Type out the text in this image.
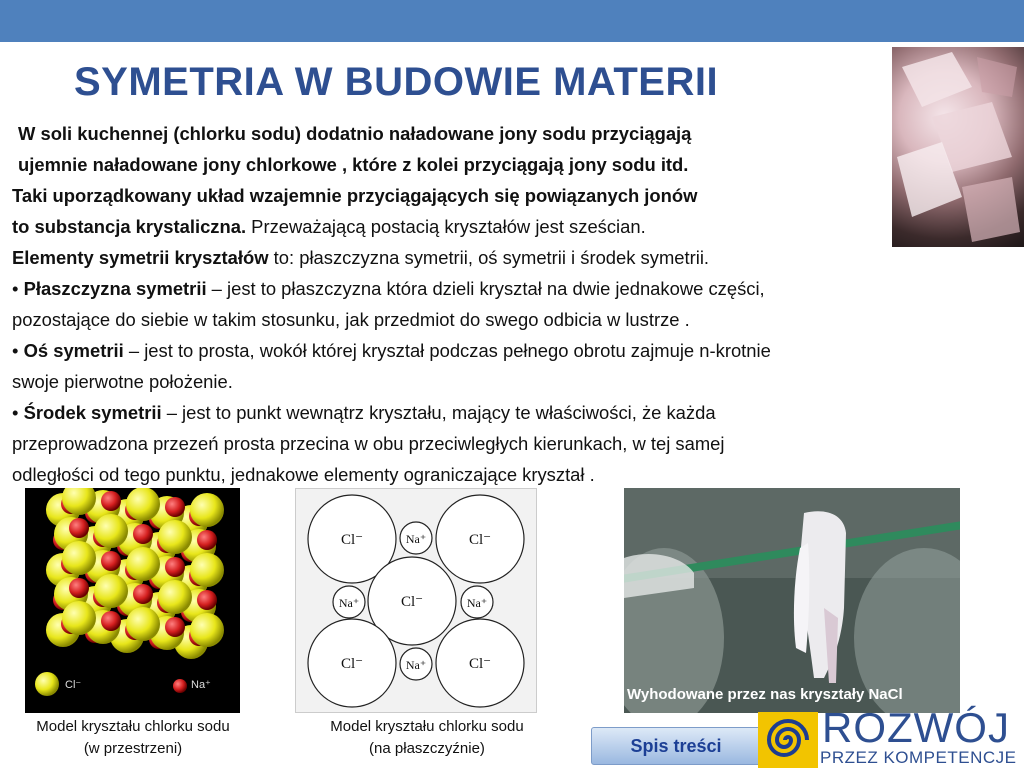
SYMETRIA W BUDOWIE MATERII

W soli kuchennej (chlorku sodu) dodatnio naładowane jony sodu przyciągają

ujemnie naładowane jony chlorkowe , które z kolei przyciągają jony sodu itd.

Taki uporządkowany układ wzajemnie przyciągających się powiązanych jonów

to substancja krystaliczna. Przeważającą postacią kryształów jest sześcian.

Elementy symetrii kryształów to: płaszczyzna symetrii, oś symetrii i środek symetrii.

• Płaszczyzna symetrii – jest to płaszczyzna która dzieli kryształ na dwie jednakowe części,

pozostające do siebie w takim stosunku, jak przedmiot do swego odbicia w lustrze .

• Oś symetrii – jest to prosta, wokół której kryształ podczas pełnego obrotu zajmuje n-krotnie

swoje pierwotne położenie.

• Środek symetrii – jest to punkt wewnątrz kryształu, mający te właściwości, że każda

przeprowadzona przezeń prosta przecina w obu przeciwległych kierunkach, w tej samej

odległości od tego punktu, jednakowe elementy ograniczające kryształ .

Cl⁻	Na⁺
Cl⁻	Cl⁻
Cl⁻
Cl⁻	Cl⁻
Na⁺
Na⁺	Na⁺
Na⁺
Wyhodowane przez nas kryształy NaCl
Model kryształu chlorku sodu
(w przestrzeni)
Model kryształu chlorku sodu
(na płaszczyźnie)	Spis treści	ROZWÓJ
PRZEZ KOMPETENCJE
